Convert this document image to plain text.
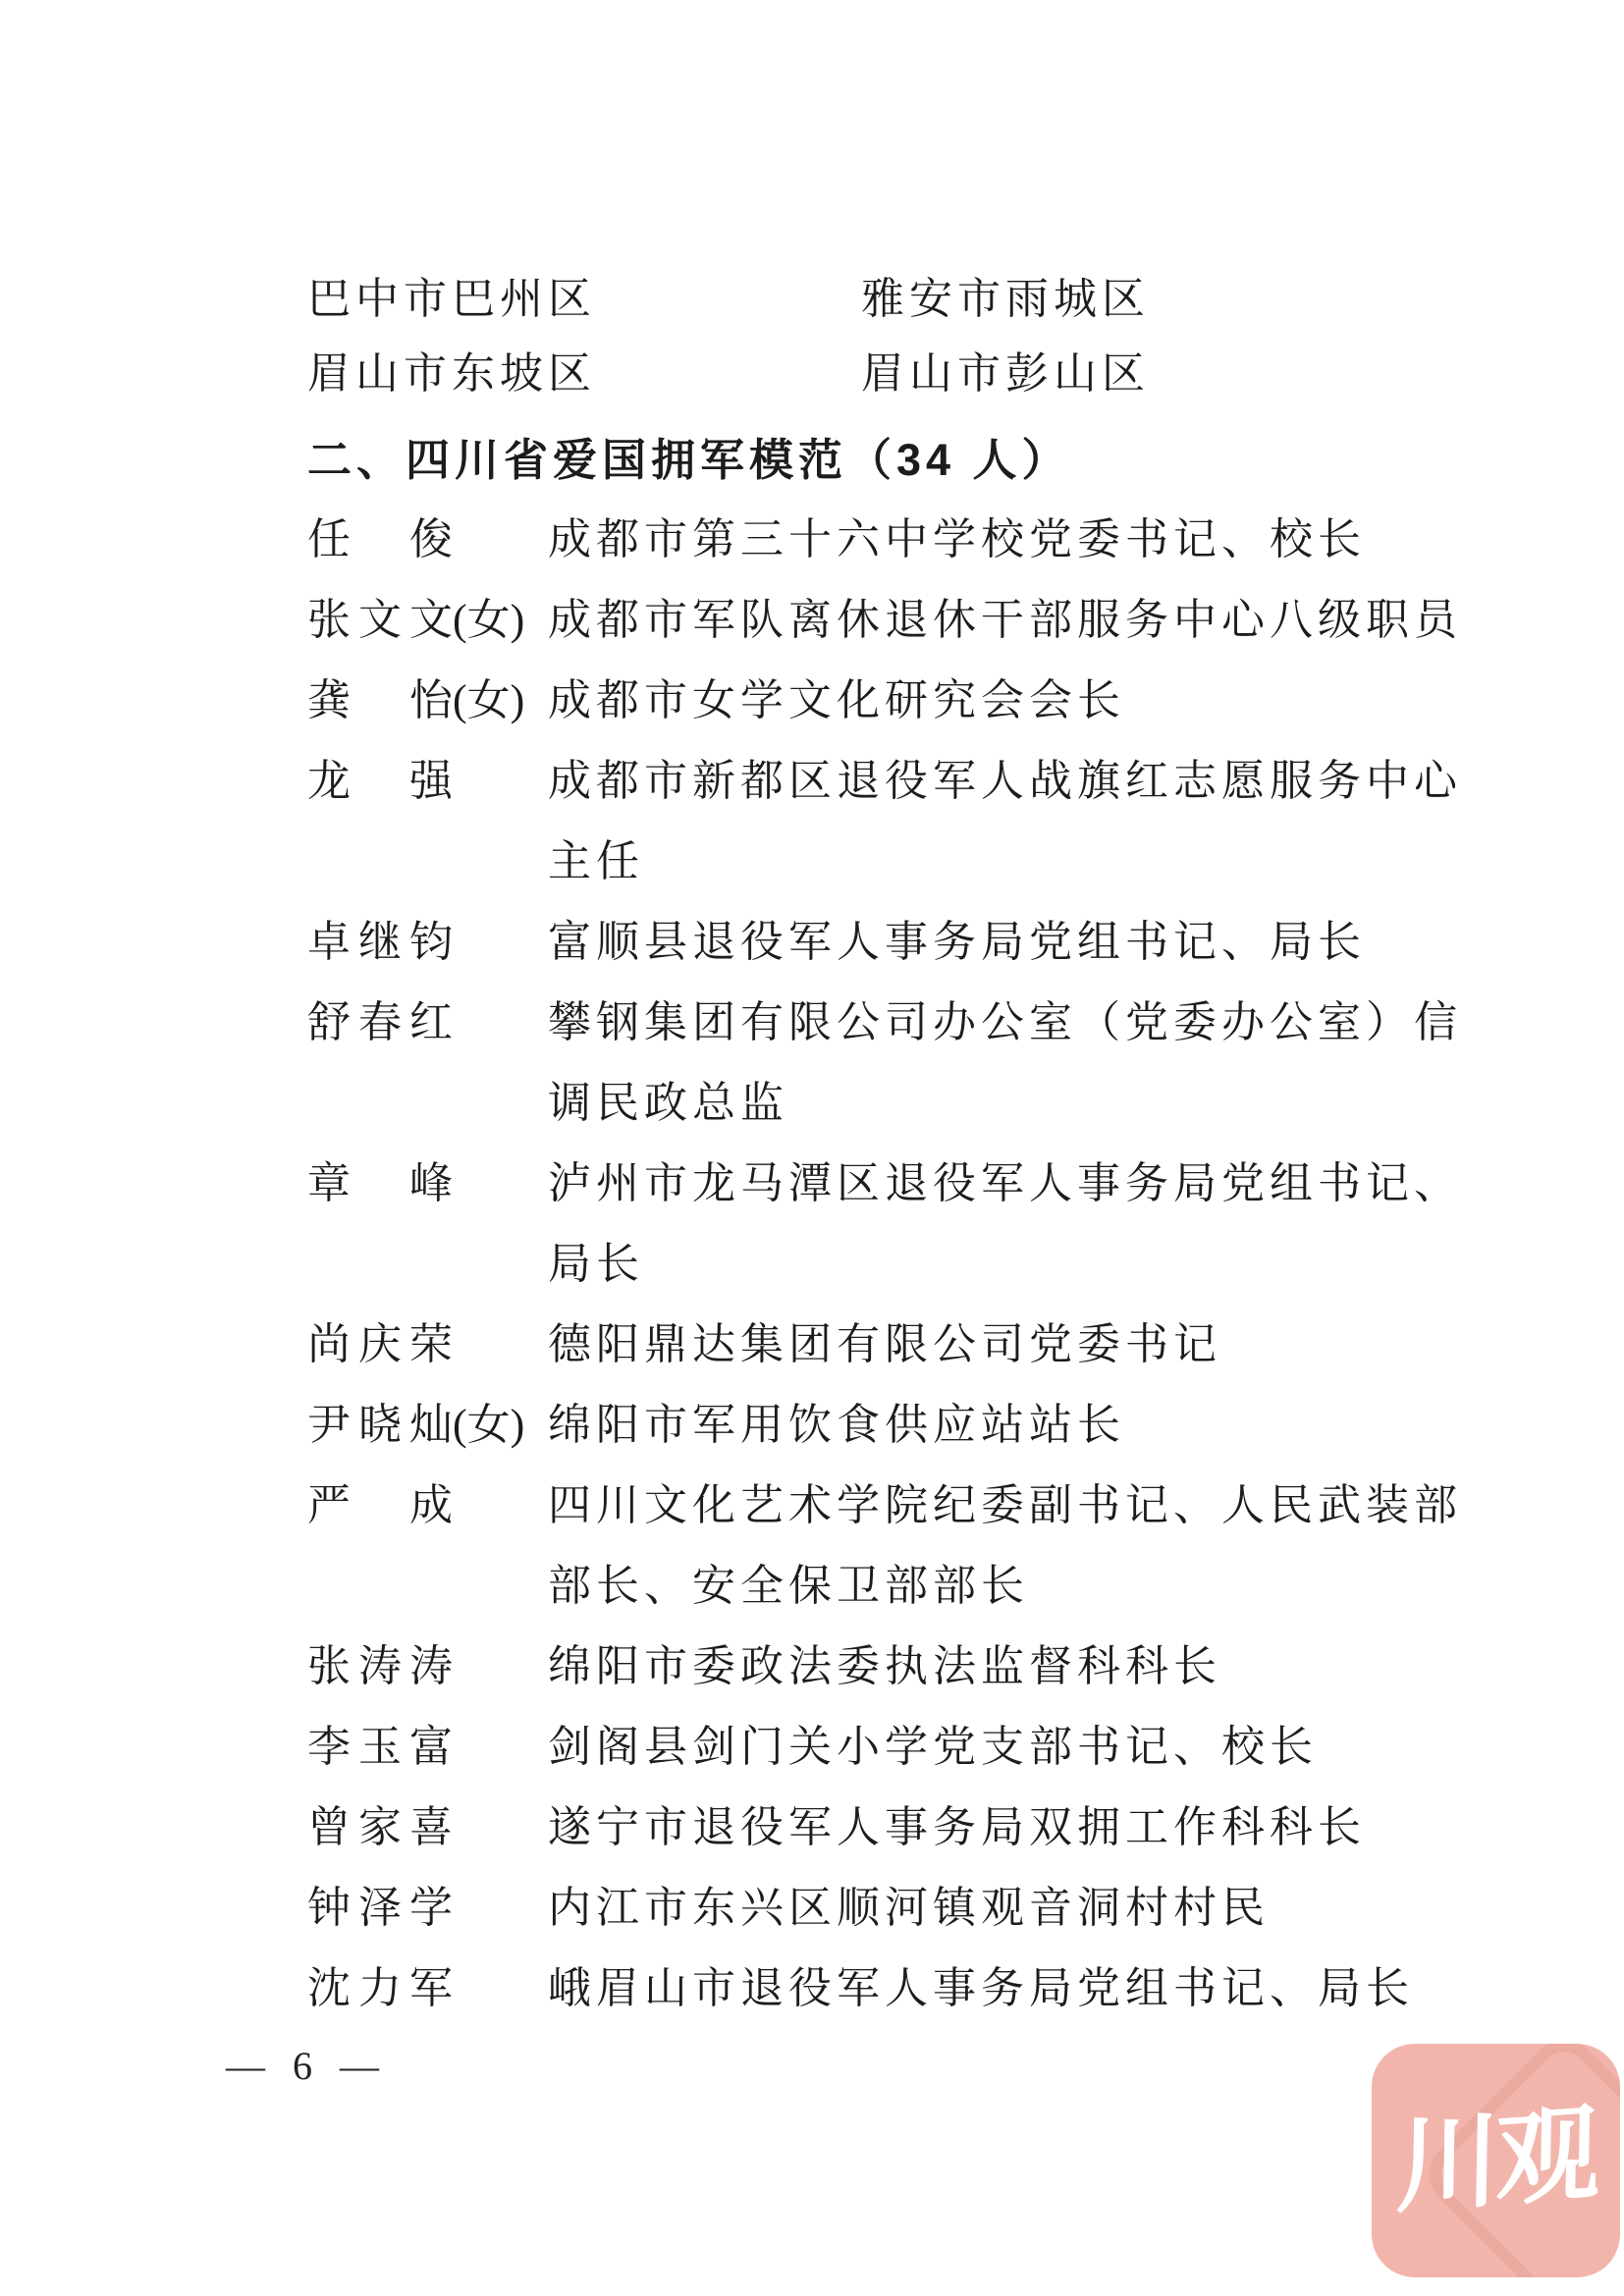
巴中市巴州区	雅安市雨城区
眉山市东坡区	眉山市彭山区
二、四川省爱国拥军模范（34 人）
任　俊	成都市第三十六中学校党委书记、校长
张文文(女) 成都市军队离休退休干部服务中心八级职员
龚　怡(女) 成都市女学文化研究会会长
龙　强	成都市新都区退役军人战旗红志愿服务中心
主任
卓继钧	富顺县退役军人事务局党组书记、局长
舒春红	攀钢集团有限公司办公室（党委办公室）信
调民政总监
章　峰	泸州市龙马潭区退役军人事务局党组书记、
局长
尚庆荣	德阳鼎达集团有限公司党委书记
尹晓灿(女) 绵阳市军用饮食供应站站长
严　成	四川文化艺术学院纪委副书记、人民武装部
部长、安全保卫部部长
张涛涛	绵阳市委政法委执法监督科科长
李玉富	剑阁县剑门关小学党支部书记、校长
曾家喜	遂宁市退役军人事务局双拥工作科科长
钟泽学	内江市东兴区顺河镇观音洞村村民
沈力军	峨眉山市退役军人事务局党组书记、局长
— 6 —
川观
